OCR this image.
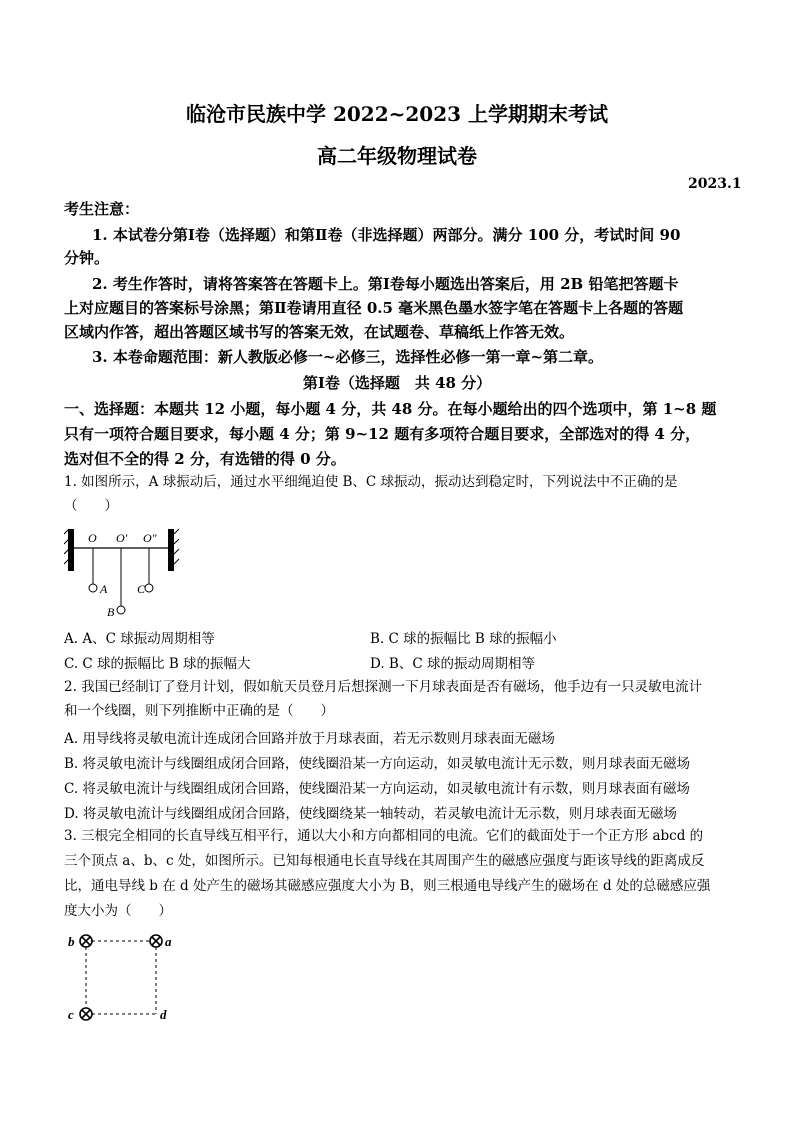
临沧市民族中学 2022~2023 上学期期末考试
高二年级物理试卷
2023.1
考生注意：
1. 本试卷分第Ⅰ卷（选择题）和第Ⅱ卷（非选择题）两部分。满分 100 分，考试时间 90
分钟。
2. 考生作答时，请将答案答在答题卡上。第Ⅰ卷每小题选出答案后，用 2B 铅笔把答题卡
上对应题目的答案标号涂黑；第Ⅱ卷请用直径 0.5 毫米黑色墨水签字笔在答题卡上各题的答题
区域内作答，超出答题区域书写的答案无效，在试题卷、草稿纸上作答无效。
3. 本卷命题范围：新人教版必修一~必修三，选择性必修一第一章~第二章。
第Ⅰ卷（选择题　共 48 分）
一、选择题：本题共 12 小题，每小题 4 分，共 48 分。在每小题给出的四个选项中，第 1~8 题
只有一项符合题目要求，每小题 4 分；第 9~12 题有多项符合题目要求，全部选对的得 4 分，
选对但不全的得 2 分，有选错的得 0 分。
1. 如图所示，A 球振动后，通过水平细绳迫使 B、C 球振动，振动达到稳定时，下列说法中不正确的是
（　　）
O O′ O″
A
B
C
A. A、C 球振动周期相等	B. C 球的振幅比 B 球的振幅小
C. C 球的振幅比 B 球的振幅大	D. B、C 球的振动周期相等
2. 我国已经制订了登月计划，假如航天员登月后想探测一下月球表面是否有磁场，他手边有一只灵敏电流计
和一个线圈，则下列推断中正确的是（　　）
A. 用导线将灵敏电流计连成闭合回路并放于月球表面，若无示数则月球表面无磁场
B. 将灵敏电流计与线圈组成闭合回路，使线圈沿某一方向运动，如灵敏电流计无示数，则月球表面无磁场
C. 将灵敏电流计与线圈组成闭合回路，使线圈沿某一方向运动，如灵敏电流计有示数，则月球表面有磁场
D. 将灵敏电流计与线圈组成闭合回路，使线圈绕某一轴转动，若灵敏电流计无示数，则月球表面无磁场
3. 三根完全相同的长直导线互相平行，通以大小和方向都相同的电流。它们的截面处于一个正方形 abcd 的
三个顶点 a、b、c 处，如图所示。已知每根通电长直导线在其周围产生的磁感应强度与距该导线的距离成反
比，通电导线 b 在 d 处产生的磁场其磁感应强度大小为 B，则三根通电导线产生的磁场在 d 处的总磁感应强
度大小为（　　）
b	a
c	d
